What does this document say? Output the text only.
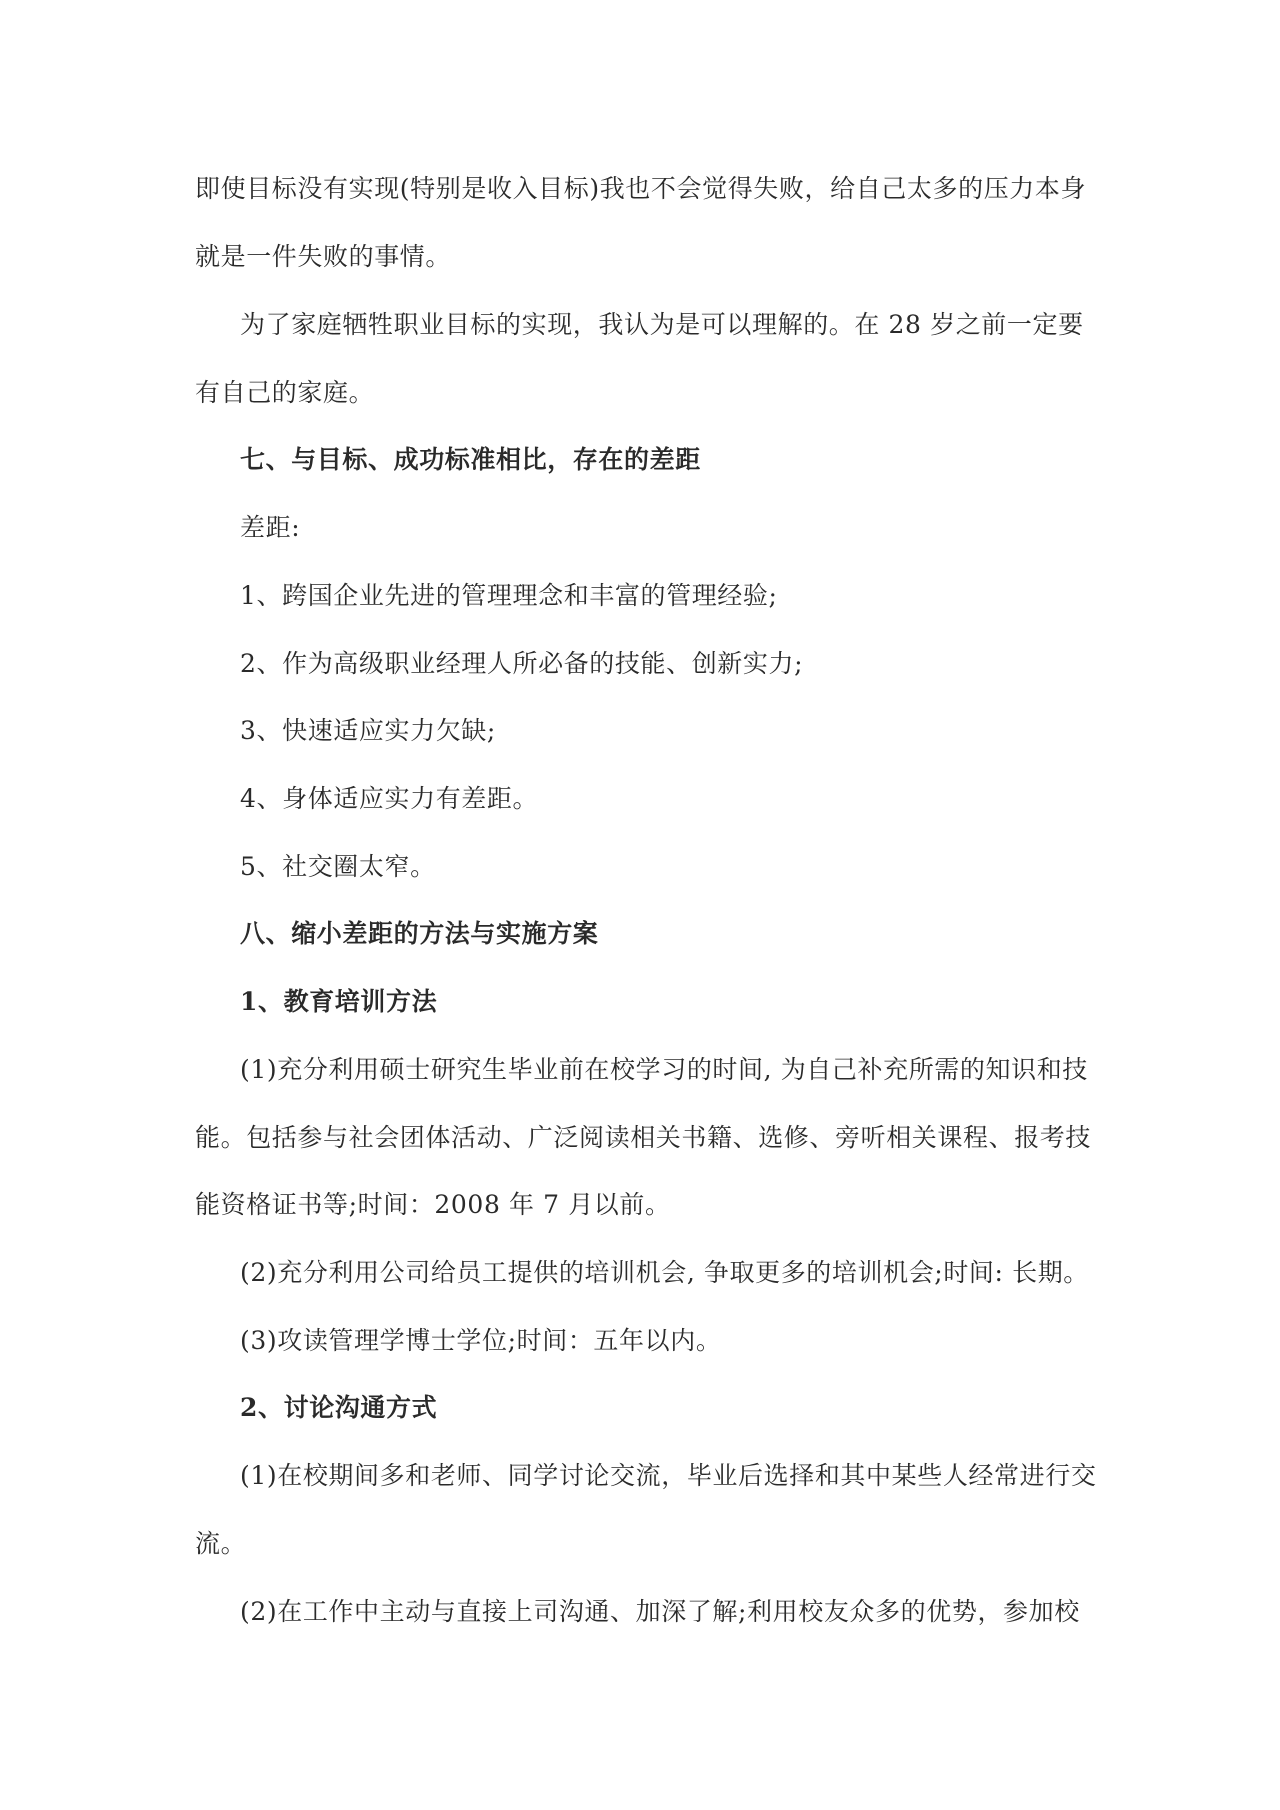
即使目标没有实现(特别是收入目标)我也不会觉得失败，给自己太多的压力本身
就是一件失败的事情。
为了家庭牺牲职业目标的实现，我认为是可以理解的。在 28 岁之前一定要
有自己的家庭。
七、与目标、成功标准相比，存在的差距
差距:
1、跨国企业先进的管理理念和丰富的管理经验;
2、作为高级职业经理人所必备的技能、创新实力;
3、快速适应实力欠缺;
4、身体适应实力有差距。
5、社交圈太窄。
八、缩小差距的方法与实施方案
1、教育培训方法
(1)充分利用硕士研究生毕业前在校学习的时间, 为自己补充所需的知识和技
能。包括参与社会团体活动、广泛阅读相关书籍、选修、旁听相关课程、报考技
能资格证书等;时间：2008 年 7 月以前。
(2)充分利用公司给员工提供的培训机会, 争取更多的培训机会;时间: 长期。
(3)攻读管理学博士学位;时间：五年以内。
2、讨论沟通方式
(1)在校期间多和老师、同学讨论交流，毕业后选择和其中某些人经常进行交
流。
(2)在工作中主动与直接上司沟通、加深了解;利用校友众多的优势，参加校
